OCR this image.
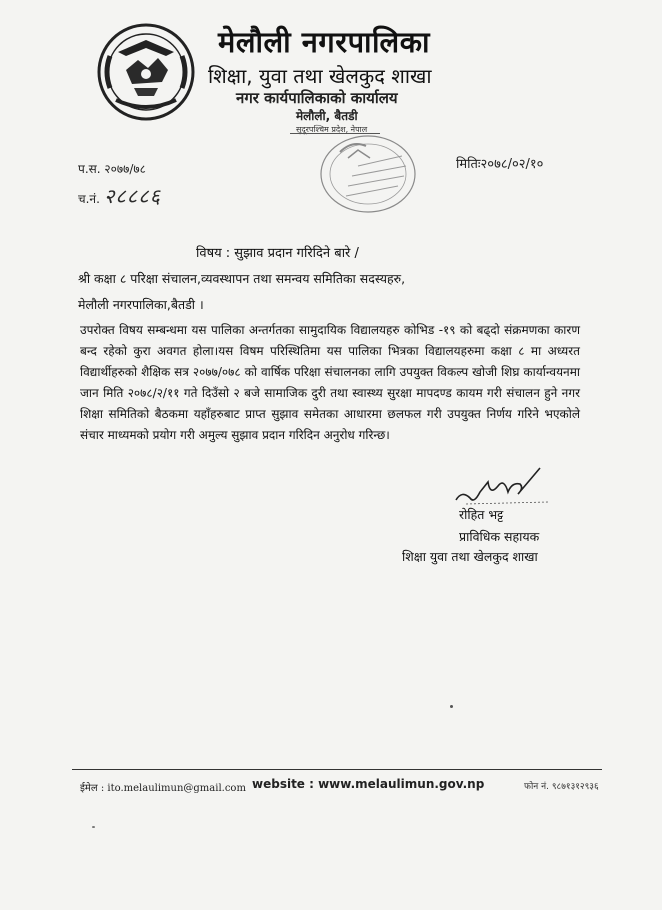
मेलौली नगरपालिका
शिक्षा, युवा तथा खेलकुद शाखा
नगर कार्यपालिकाको कार्यालय
मेलौली, बैतडी
सुदूरपश्चिम प्रदेश, नेपाल
प.स. २०७७/७८	मितिः२०७८/०२/१०
च.नं. २८८८६
विषय : सुझाव प्रदान गरिदिने बारे /
श्री कक्षा ८ परिक्षा संचालन,व्यवस्थापन तथा समन्वय समितिका सदस्यहरु,
मेलौली नगरपालिका,बैतडी ।
उपरोक्त विषय सम्बन्धमा यस पालिका अन्तर्गतका सामुदायिक विद्यालयहरु कोभिड -१९ को बढ्दो संक्रमणका कारण बन्द रहेको कुरा अवगत होला।यस विषम परिस्थितिमा यस पालिका भित्रका विद्यालयहरुमा कक्षा ८ मा अध्यरत विद्यार्थीहरुको शैक्षिक सत्र २०७७/०७८ को वार्षिक परिक्षा संचालनका लागि उपयुक्त विकल्प खोजी शिघ्र कार्यान्वयनमा जान मिति २०७८/२/११ गते दिउँसो २ बजे सामाजिक दुरी तथा स्वास्थ्य सुरक्षा मापदण्ड कायम गरी संचालन हुने नगर शिक्षा समितिको बैठकमा यहाँहरुबाट प्राप्त सुझाव समेतका आधारमा छलफल गरी उपयुक्त निर्णय गरिने भएकोले संचार माध्यमको प्रयोग गरी अमुल्य सुझाव प्रदान गरिदिन अनुरोध गरिन्छ।
रोहित भट्ट
प्राविधिक सहायक
शिक्षा युवा तथा खेलकुद शाखा
ईमेल : ito.melaulimun@gmail.com website : www.melaulimun.gov.np	फोन नं. ९८७१३१२९३६
